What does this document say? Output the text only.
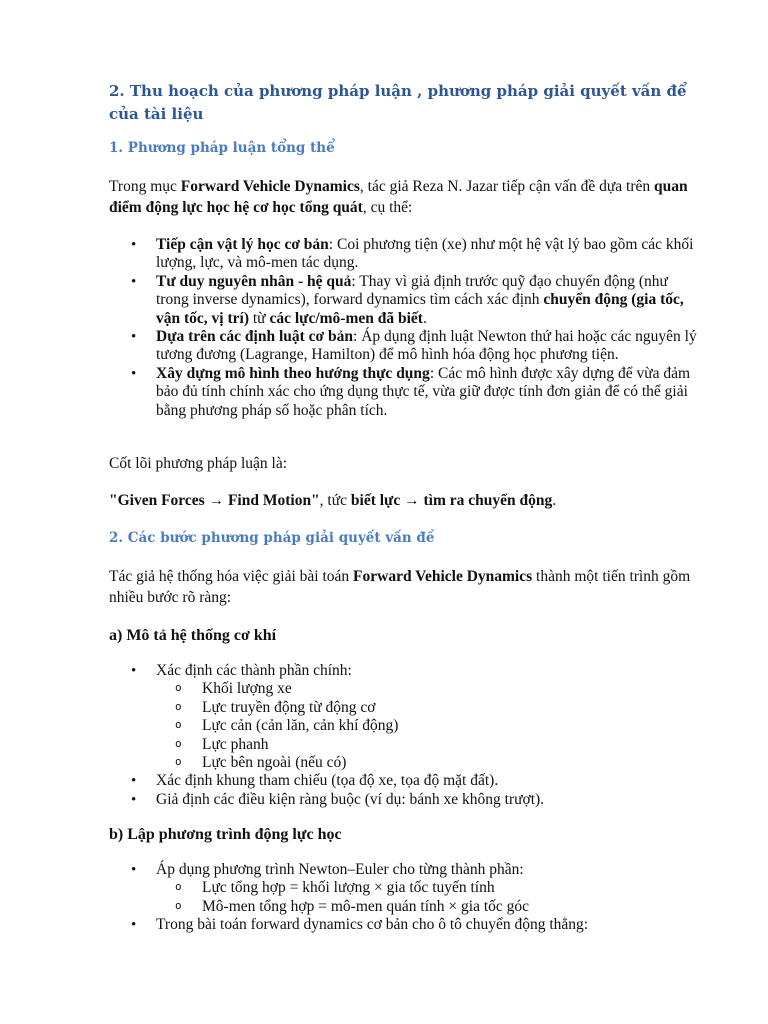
2. Thu hoạch của phương pháp luận , phương pháp giải quyết vấn để của tài liệu

1. Phương pháp luận tổng thể

Trong mục Forward Vehicle Dynamics, tác giả Reza N. Jazar tiếp cận vấn đề dựa trên quan điểm động lực học hệ cơ học tổng quát, cụ thể:

• Tiếp cận vật lý học cơ bản: Coi phương tiện (xe) như một hệ vật lý bao gồm các khối lượng, lực, và mô-men tác dụng.
• Tư duy nguyên nhân - hệ quả: Thay vì giả định trước quỹ đạo chuyển động (như trong inverse dynamics), forward dynamics tìm cách xác định chuyển động (gia tốc, vận tốc, vị trí) từ các lực/mô-men đã biết.
• Dựa trên các định luật cơ bản: Áp dụng định luật Newton thứ hai hoặc các nguyên lý tương đương (Lagrange, Hamilton) để mô hình hóa động học phương tiện.
• Xây dựng mô hình theo hướng thực dụng: Các mô hình được xây dựng để vừa đảm bảo đủ tính chính xác cho ứng dụng thực tế, vừa giữ được tính đơn giản để có thể giải bằng phương pháp số hoặc phân tích.

Cốt lõi phương pháp luận là:

"Given Forces → Find Motion", tức biết lực → tìm ra chuyển động.

2. Các bước phương pháp giải quyết vấn đề

Tác giả hệ thống hóa việc giải bài toán Forward Vehicle Dynamics thành một tiến trình gồm nhiều bước rõ ràng:

a) Mô tả hệ thống cơ khí

• Xác định các thành phần chính:
o Khối lượng xe
o Lực truyền động từ động cơ
o Lực cản (cản lăn, cản khí động)
o Lực phanh
o Lực bên ngoài (nếu có)
• Xác định khung tham chiếu (tọa độ xe, tọa độ mặt đất).
• Giả định các điều kiện ràng buộc (ví dụ: bánh xe không trượt).

b) Lập phương trình động lực học

• Áp dụng phương trình Newton–Euler cho từng thành phần:
o Lực tổng hợp = khối lượng × gia tốc tuyến tính
o Mô-men tổng hợp = mô-men quán tính × gia tốc góc
• Trong bài toán forward dynamics cơ bản cho ô tô chuyển động thẳng:
